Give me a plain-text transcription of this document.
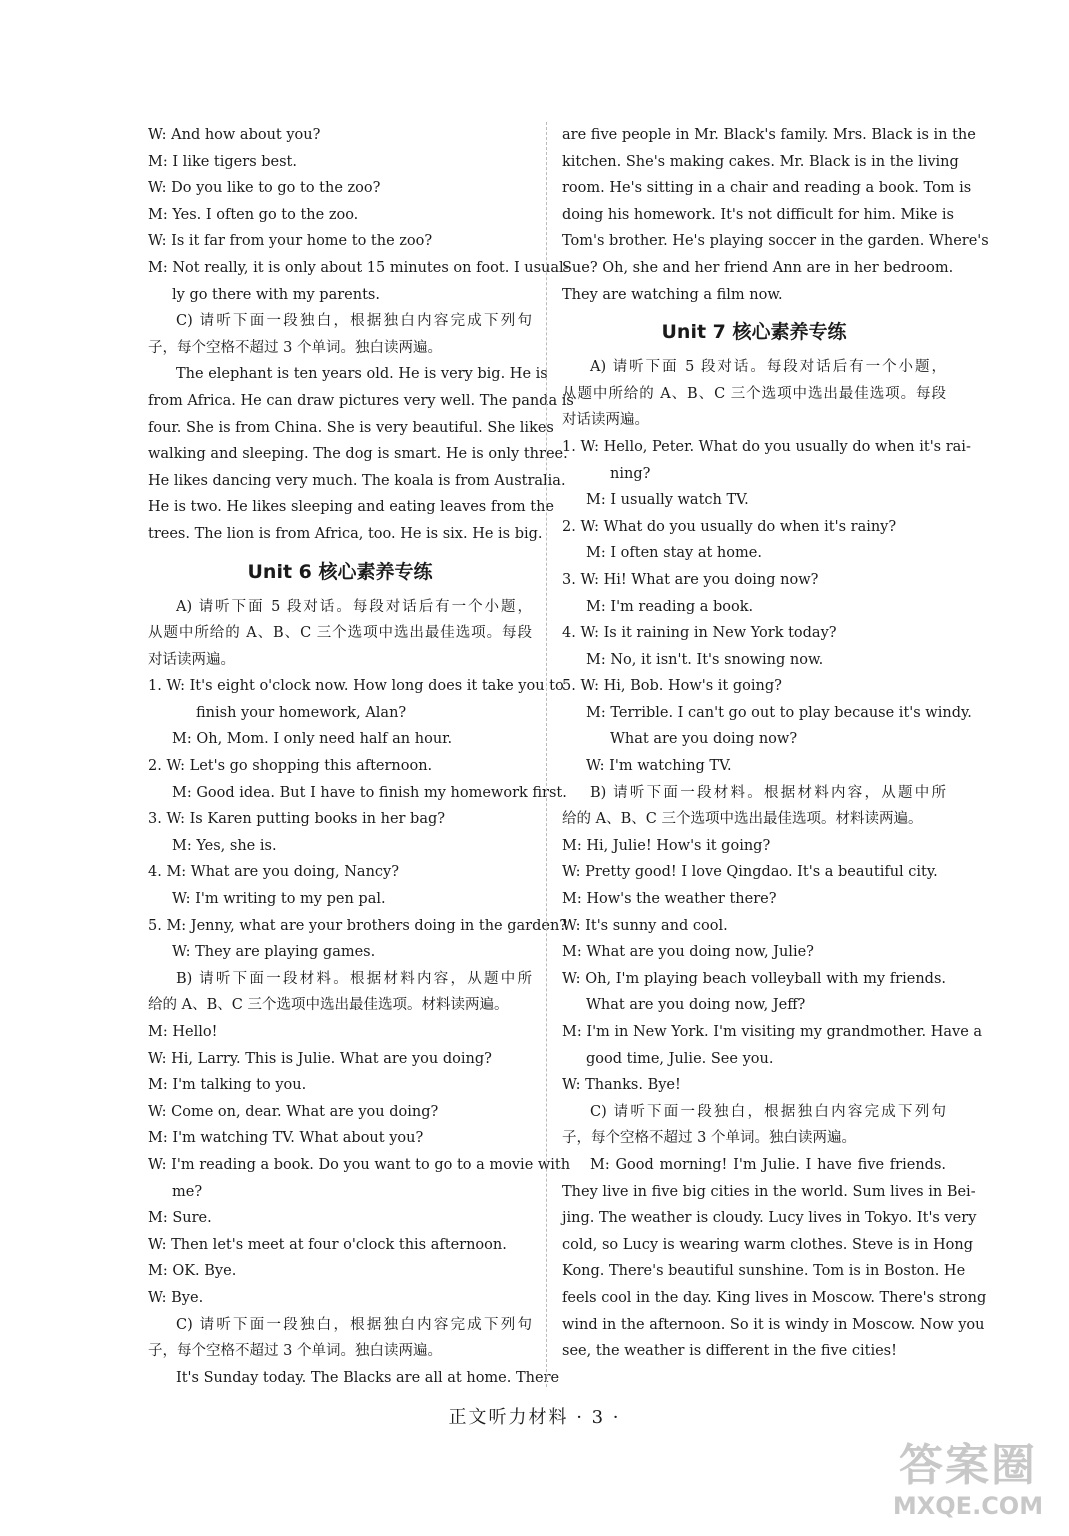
W: And how about you?
M: I like tigers best.
W: Do you like to go to the zoo?
M: Yes. I often go to the zoo.
W: Is it far from your home to the zoo?
M: Not really, it is only about 15 minutes on foot. I usual-
ly go there with my parents.
C) 请听下面一段独白，根据独白内容完成下列句
子，每个空格不超过 3 个单词。独白读两遍。
The elephant is ten years old. He is very big. He is
from Africa. He can draw pictures very well. The panda is
four. She is from China. She is very beautiful. She likes
walking and sleeping. The dog is smart. He is only three.
He likes dancing very much. The koala is from Australia.
He is two. He likes sleeping and eating leaves from the
trees. The lion is from Africa, too. He is six. He is big.
Unit 6 核心素养专练
A) 请听下面 5 段对话。每段对话后有一个小题，
从题中所给的 A、B、C 三个选项中选出最佳选项。每段
对话读两遍。
1. W: It's eight o'clock now. How long does it take you to
finish your homework, Alan?
M: Oh, Mom. I only need half an hour.
2. W: Let's go shopping this afternoon.
M: Good idea. But I have to finish my homework first.
3. W: Is Karen putting books in her bag?
M: Yes, she is.
4. M: What are you doing, Nancy?
W: I'm writing to my pen pal.
5. M: Jenny, what are your brothers doing in the garden?
W: They are playing games.
B) 请听下面一段材料。根据材料内容，从题中所
给的 A、B、C 三个选项中选出最佳选项。材料读两遍。
M: Hello!
W: Hi, Larry. This is Julie. What are you doing?
M: I'm talking to you.
W: Come on, dear. What are you doing?
M: I'm watching TV. What about you?
W: I'm reading a book. Do you want to go to a movie with
me?
M: Sure.
W: Then let's meet at four o'clock this afternoon.
M: OK. Bye.
W: Bye.
C) 请听下面一段独白，根据独白内容完成下列句
子，每个空格不超过 3 个单词。独白读两遍。
It's Sunday today. The Blacks are all at home. There
are five people in Mr. Black's family. Mrs. Black is in the
kitchen. She's making cakes. Mr. Black is in the living
room. He's sitting in a chair and reading a book. Tom is
doing his homework. It's not difficult for him. Mike is
Tom's brother. He's playing soccer in the garden. Where's
Sue? Oh, she and her friend Ann are in her bedroom.
They are watching a film now.
Unit 7 核心素养专练
A) 请听下面 5 段对话。每段对话后有一个小题，
从题中所给的 A、B、C 三个选项中选出最佳选项。每段
对话读两遍。
1. W: Hello, Peter. What do you usually do when it's rai-
ning?
M: I usually watch TV.
2. W: What do you usually do when it's rainy?
M: I often stay at home.
3. W: Hi! What are you doing now?
M: I'm reading a book.
4. W: Is it raining in New York today?
M: No, it isn't. It's snowing now.
5. W: Hi, Bob. How's it going?
M: Terrible. I can't go out to play because it's windy.
What are you doing now?
W: I'm watching TV.
B) 请听下面一段材料。根据材料内容，从题中所
给的 A、B、C 三个选项中选出最佳选项。材料读两遍。
M: Hi, Julie! How's it going?
W: Pretty good! I love Qingdao. It's a beautiful city.
M: How's the weather there?
W: It's sunny and cool.
M: What are you doing now, Julie?
W: Oh, I'm playing beach volleyball with my friends.
What are you doing now, Jeff?
M: I'm in New York. I'm visiting my grandmother. Have a
good time, Julie. See you.
W: Thanks. Bye!
C) 请听下面一段独白，根据独白内容完成下列句
子，每个空格不超过 3 个单词。独白读两遍。
M: Good morning! I'm Julie. I have five friends.
They live in five big cities in the world. Sum lives in Bei-
jing. The weather is cloudy. Lucy lives in Tokyo. It's very
cold, so Lucy is wearing warm clothes. Steve is in Hong
Kong. There's beautiful sunshine. Tom is in Boston. He
feels cool in the day. King lives in Moscow. There's strong
wind in the afternoon. So it is windy in Moscow. Now you
see, the weather is different in the five cities!
正文听力材料 · 3 ·
答案圈
MXQE.COM
